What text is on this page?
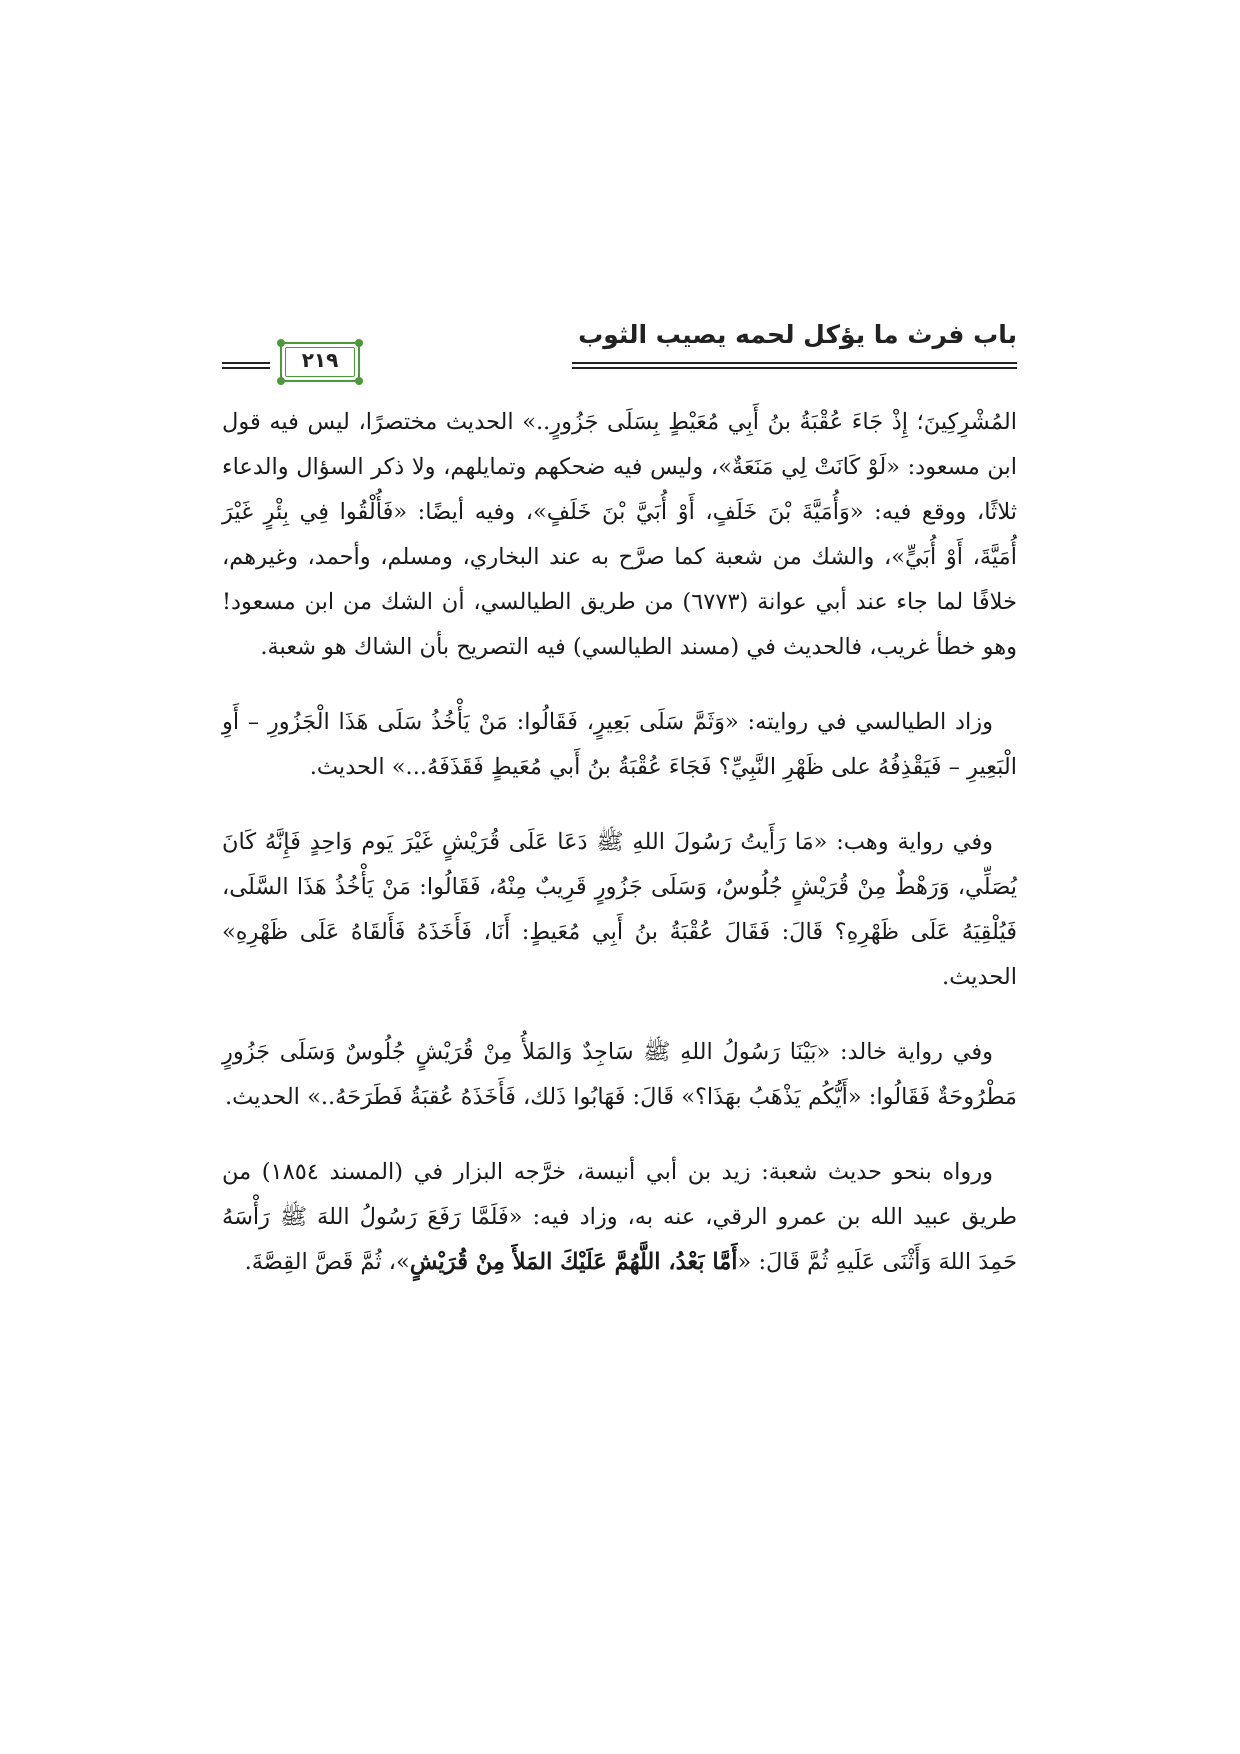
باب فرث ما يؤكل لحمه يصيب الثوب
٢١٩

المُشْرِكِينَ؛ إِذْ جَاءَ عُقْبَةُ بنُ أَبِي مُعَيْطٍ بِسَلَى جَزُورٍ..» الحديث مختصرًا، ليس فيه قول ابن مسعود: «لَوْ كَانَتْ لِي مَنَعَةٌ»، وليس فيه ضحكهم وتمايلهم، ولا ذكر السؤال والدعاء ثلاثًا، ووقع فيه: «وَأُمَيَّةَ بْنَ خَلَفٍ، أَوْ أُبَيَّ بْنَ خَلَفٍ»، وفيه أيضًا: «فَأُلْقُوا فِي بِئْرٍ غَيْرَ أُمَيَّةَ، أَوْ أُبَيٍّ»، والشك من شعبة كما صرَّح به عند البخاري، ومسلم، وأحمد، وغيرهم، خلافًا لما جاء عند أبي عوانة (٦٧٧٣) من طريق الطيالسي، أن الشك من ابن مسعود! وهو خطأ غريب، فالحديث في (مسند الطيالسي) فيه التصريح بأن الشاك هو شعبة.

وزاد الطيالسي في روايته: «وَثَمَّ سَلَى بَعِيرٍ، فَقَالُوا: مَنْ يَأْخُذُ سَلَى هَذَا الْجَزُورِ – أَوِ الْبَعِيرِ – فَيَقْذِفُهُ على ظَهْرِ النَّبِيِّ؟ فَجَاءَ عُقْبَةُ بنُ أَبي مُعَيطٍ فَقَذَفَهُ...» الحديث.

وفي رواية وهب: «مَا رَأَيتُ رَسُولَ اللهِ ﷺ دَعَا عَلَى قُرَيْشٍ غَيْرَ يَوم وَاحِدٍ فَإِنَّهُ كَانَ يُصَلِّي، وَرَهْطٌ مِنْ قُرَيْشٍ جُلُوسٌ، وَسَلَى جَزُورٍ قَرِيبٌ مِنْهُ، فَقَالُوا: مَنْ يَأْخُذُ هَذَا السَّلَى، فَيُلْقِيَهُ عَلَى ظَهْرِهِ؟ قَالَ: فَقَالَ عُقْبَةُ بنُ أَبِي مُعَيطٍ: أَنَا، فَأَخَذَهُ فَأَلقَاهُ عَلَى ظَهْرِهِ» الحديث.

وفي رواية خالد: «بَيْنَا رَسُولُ اللهِ ﷺ سَاجِدٌ وَالمَلأُ مِنْ قُرَيْشٍ جُلُوسٌ وَسَلَى جَزُورٍ مَطْرُوحَةٌ فَقَالُوا: «أَيُّكُم يَذْهَبُ بهَذَا؟» قَالَ: فَهَابُوا ذَلك، فَأَخَذَهُ عُقبَةُ فَطَرَحَهُ..» الحديث.

ورواه بنحو حديث شعبة: زيد بن أبي أنيسة، خرَّجه البزار في (المسند ١٨٥٤) من طريق عبيد الله بن عمرو الرقي، عنه به، وزاد فيه: «فَلَمَّا رَفَعَ رَسُولُ اللهَ ﷺ رَأْسَهُ حَمِدَ اللهَ وَأَثْنَى عَلَيهِ ثُمَّ قَالَ: «أَمَّا بَعْدُ، اللَّهُمَّ عَلَيْكَ المَلأَ مِنْ قُرَيْشٍ»، ثُمَّ قَصَّ القِصَّةَ.
